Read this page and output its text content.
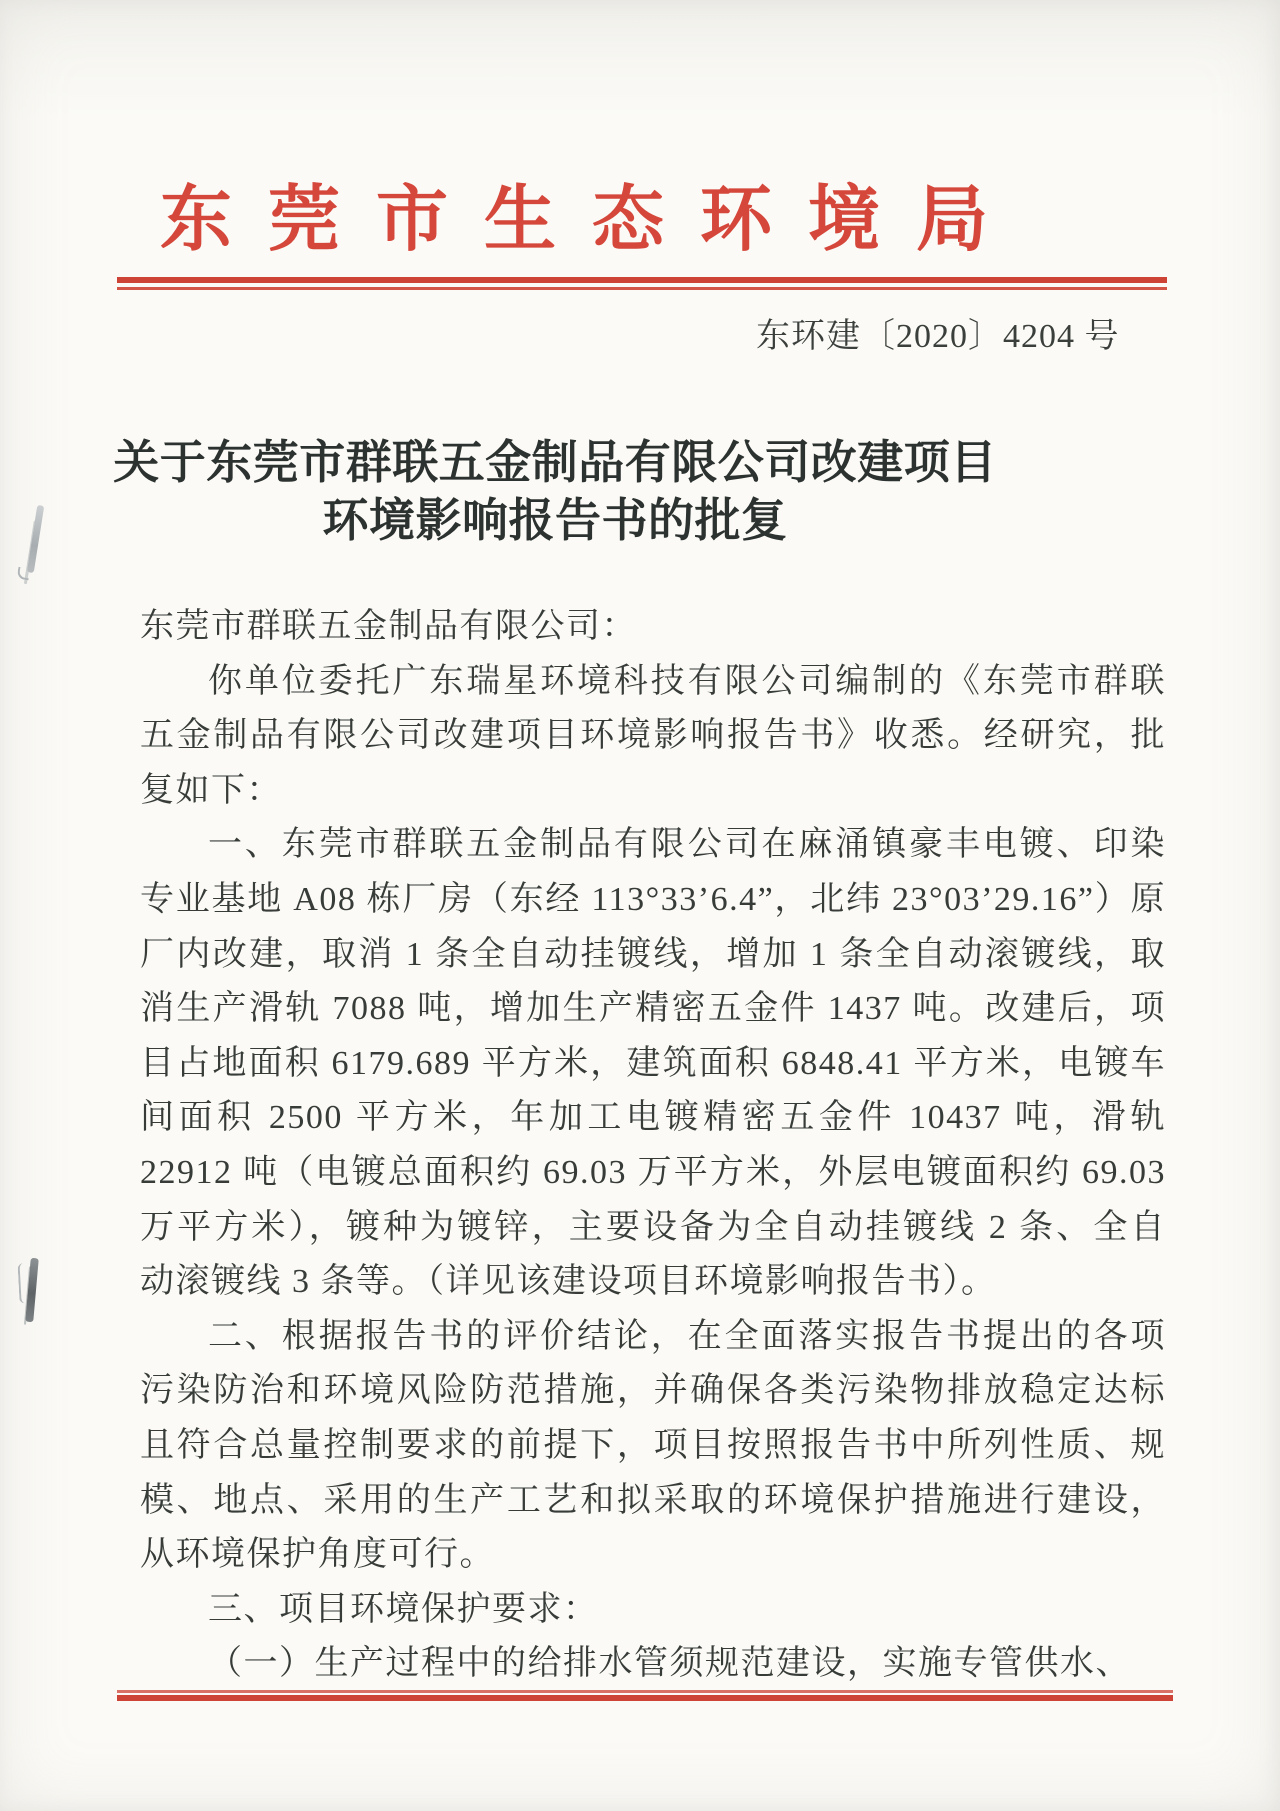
东莞市生态环境局
东环建〔2020〕4204 号
关于东莞市群联五金制品有限公司改建项目
环境影响报告书的批复
东莞市群联五金制品有限公司：
你单位委托广东瑞星环境科技有限公司编制的《东莞市群联
五金制品有限公司改建项目环境影响报告书》收悉。经研究，批
复如下：
一、东莞市群联五金制品有限公司在麻涌镇豪丰电镀、印染
专业基地 A08 栋厂房（东经 113°33’6.4”，北纬 23°03’29.16”）原
厂内改建，取消 1 条全自动挂镀线，增加 1 条全自动滚镀线，取
消生产滑轨 7088 吨，增加生产精密五金件 1437 吨。改建后，项
目占地面积 6179.689 平方米，建筑面积 6848.41 平方米，电镀车
间面积 2500 平方米，年加工电镀精密五金件 10437 吨，滑轨
22912 吨（电镀总面积约 69.03 万平方米，外层电镀面积约 69.03
万平方米），镀种为镀锌，主要设备为全自动挂镀线 2 条、全自
动滚镀线 3 条等。（详见该建设项目环境影响报告书）。
二、根据报告书的评价结论，在全面落实报告书提出的各项
污染防治和环境风险防范措施，并确保各类污染物排放稳定达标
且符合总量控制要求的前提下，项目按照报告书中所列性质、规
模、地点、采用的生产工艺和拟采取的环境保护措施进行建设，
从环境保护角度可行。
三、项目环境保护要求：
（一）生产过程中的给排水管须规范建设，实施专管供水、
